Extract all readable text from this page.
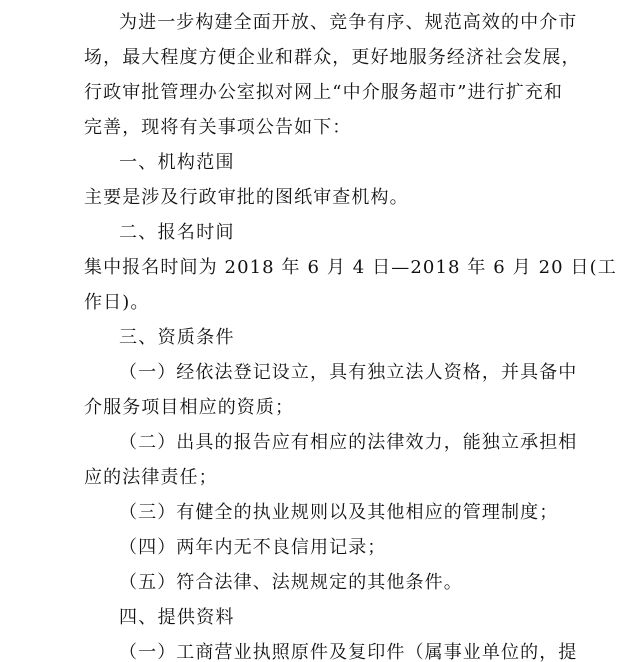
为进一步构建全面开放、竞争有序、规范高效的中介市
场，最大程度方便企业和群众，更好地服务经济社会发展，
行政审批管理办公室拟对网上“中介服务超市”进行扩充和
完善，现将有关事项公告如下：
一、机构范围
主要是涉及行政审批的图纸审查机构。
二、报名时间
集中报名时间为 2018 年 6 月 4 日—2018 年 6 月 20 日(工
作日)。
三、资质条件
（一）经依法登记设立，具有独立法人资格，并具备中
介服务项目相应的资质；
（二）出具的报告应有相应的法律效力，能独立承担相
应的法律责任；
（三）有健全的执业规则以及其他相应的管理制度；
（四）两年内无不良信用记录；
（五）符合法律、法规规定的其他条件。
四、提供资料
（一）工商营业执照原件及复印件（属事业单位的，提
